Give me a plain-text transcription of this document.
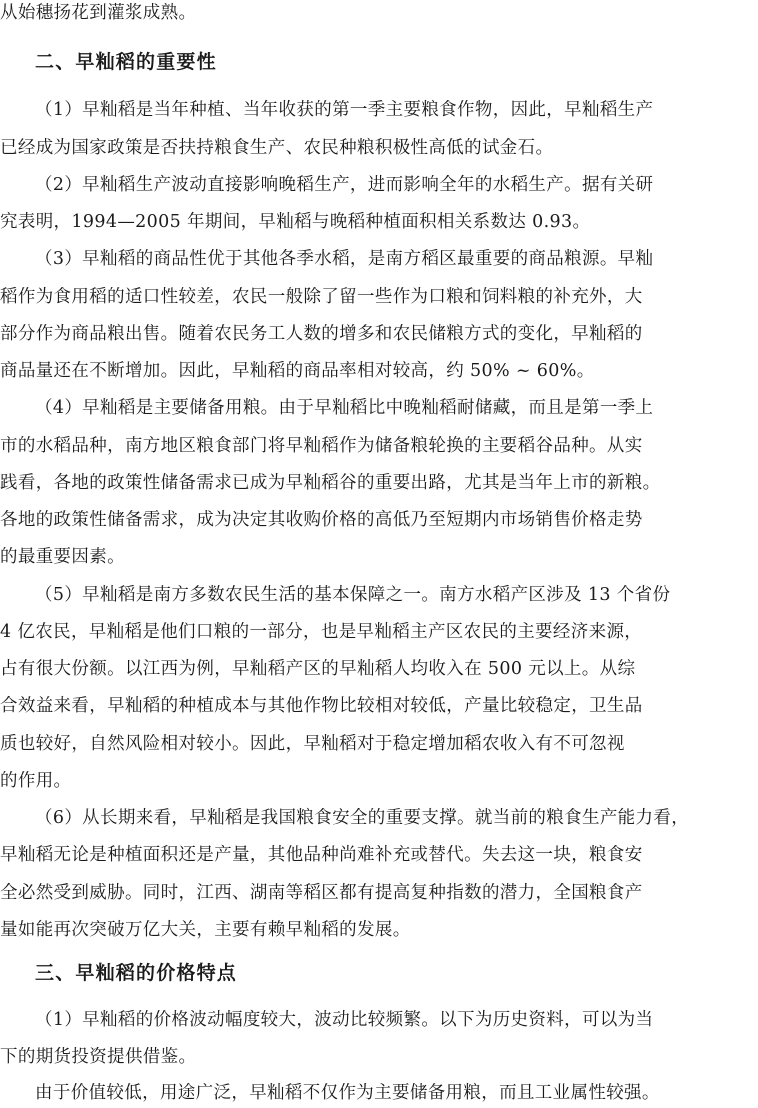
从始穗扬花到灌浆成熟。
二、早籼稻的重要性
（1）早籼稻是当年种植、当年收获的第一季主要粮食作物，因此，早籼稻生产
已经成为国家政策是否扶持粮食生产、农民种粮积极性高低的试金石。
（2）早籼稻生产波动直接影响晚稻生产，进而影响全年的水稻生产。据有关研
究表明，1994—2005 年期间，早籼稻与晚稻种植面积相关系数达 0.93。
（3）早籼稻的商品性优于其他各季水稻，是南方稻区最重要的商品粮源。早籼
稻作为食用稻的适口性较差，农民一般除了留一些作为口粮和饲料粮的补充外，大
部分作为商品粮出售。随着农民务工人数的增多和农民储粮方式的变化，早籼稻的
商品量还在不断增加。因此，早籼稻的商品率相对较高，约 50% ~ 60%。
（4）早籼稻是主要储备用粮。由于早籼稻比中晚籼稻耐储藏，而且是第一季上
市的水稻品种，南方地区粮食部门将早籼稻作为储备粮轮换的主要稻谷品种。从实
践看，各地的政策性储备需求已成为早籼稻谷的重要出路，尤其是当年上市的新粮。
各地的政策性储备需求，成为决定其收购价格的高低乃至短期内市场销售价格走势
的最重要因素。
（5）早籼稻是南方多数农民生活的基本保障之一。南方水稻产区涉及 13 个省份
4 亿农民，早籼稻是他们口粮的一部分，也是早籼稻主产区农民的主要经济来源，
占有很大份额。以江西为例，早籼稻产区的早籼稻人均收入在 500 元以上。从综
合效益来看，早籼稻的种植成本与其他作物比较相对较低，产量比较稳定，卫生品
质也较好，自然风险相对较小。因此，早籼稻对于稳定增加稻农收入有不可忽视
的作用。
（6）从长期来看，早籼稻是我国粮食安全的重要支撑。就当前的粮食生产能力看，
早籼稻无论是种植面积还是产量，其他品种尚难补充或替代。失去这一块，粮食安
全必然受到威胁。同时，江西、湖南等稻区都有提高复种指数的潜力，全国粮食产
量如能再次突破万亿大关，主要有赖早籼稻的发展。
三、早籼稻的价格特点
（1）早籼稻的价格波动幅度较大，波动比较频繁。以下为历史资料，可以为当
下的期货投资提供借鉴。
由于价值较低，用途广泛，早籼稻不仅作为主要储备用粮，而且工业属性较强。
